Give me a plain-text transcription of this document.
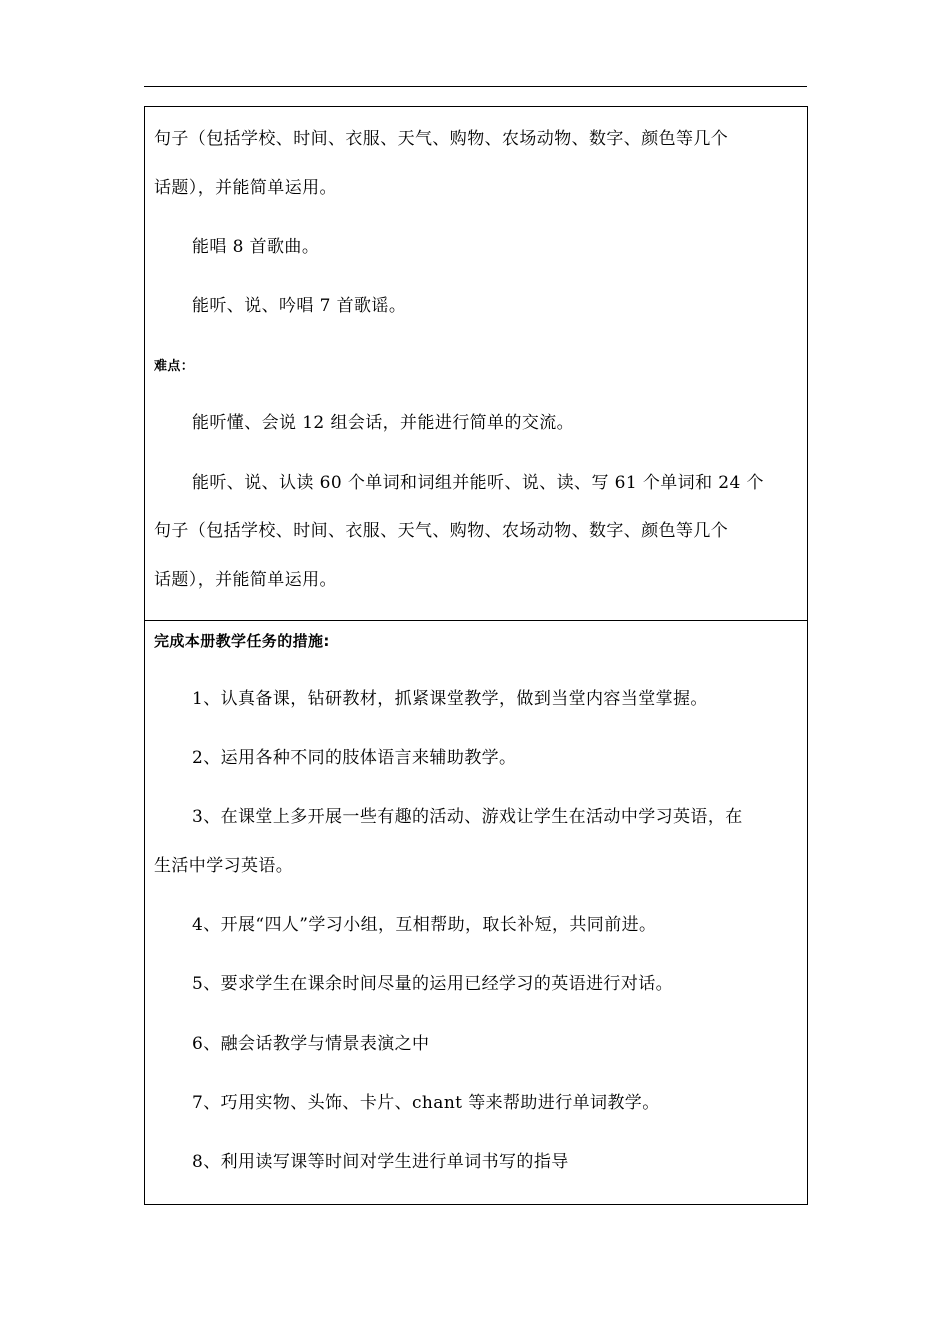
句子（包括学校、时间、衣服、天气、购物、农场动物、数字、颜色等几个
话题），并能简单运用。
能唱 8 首歌曲。
能听、说、吟唱 7 首歌谣。
难点：
能听懂、会说 12 组会话，并能进行简单的交流。
能听、说、认读 60 个单词和词组并能听、说、读、写 61 个单词和 24 个
句子（包括学校、时间、衣服、天气、购物、农场动物、数字、颜色等几个
话题），并能简单运用。
完成本册教学任务的措施:
1、认真备课，钻研教材，抓紧课堂教学，做到当堂内容当堂掌握。
2、运用各种不同的肢体语言来辅助教学。
3、在课堂上多开展一些有趣的活动、游戏让学生在活动中学习英语，在
生活中学习英语。
4、开展“四人”学习小组，互相帮助，取长补短，共同前进。
5、要求学生在课余时间尽量的运用已经学习的英语进行对话。
6、融会话教学与情景表演之中
7、巧用实物、头饰、卡片、chant 等来帮助进行单词教学。
8、利用读写课等时间对学生进行单词书写的指导
